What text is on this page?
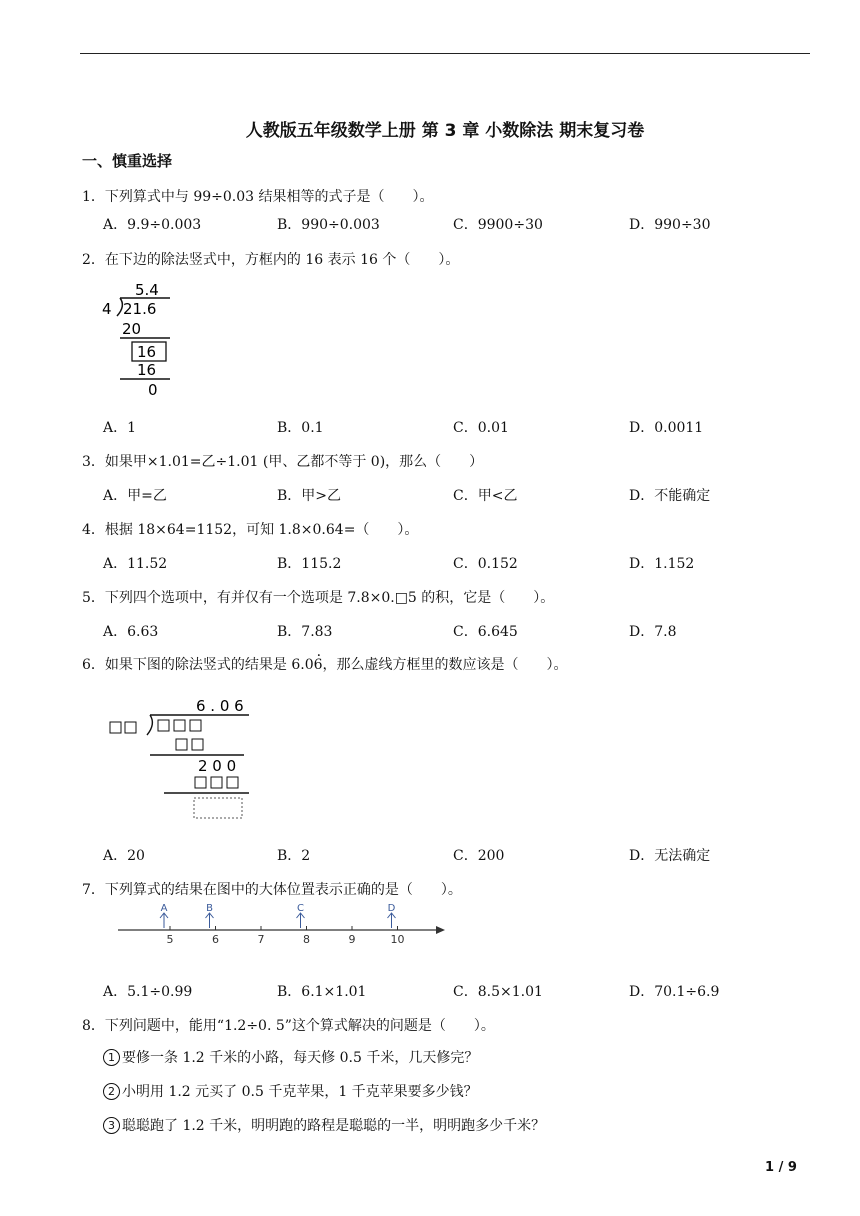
人教版五年级数学上册 第 3 章 小数除法 期末复习卷
一、慎重选择
1．下列算式中与 99÷0.03 结果相等的式子是（　　）。
A．9.9÷0.003	B．990÷0.003	C．9900÷30	D．990÷30
2．在下边的除法竖式中，方框内的 16 表示 16 个（　　）。
5.4
4 21.6
20
16
16
0
A．1	B．0.1	C．0.01	D．0.0011
3．如果甲×1.01=乙÷1.01 (甲、乙都不等于 0)，那么（　　）
A．甲=乙	B．甲>乙	C．甲<乙	D．不能确定
4．根据 18×64=1152，可知 1.8×0.64=（　　）。
A．11.52	B．115.2	C．0.152	D．1.152
5．下列四个选项中，有并仅有一个选项是 7.8×0.□5 的积，它是（　　）。
A．6.63	B．7.83	C．6.645	D．7.8
6．如果下图的除法竖式的结果是 6.06 ·，那么虚线方框里的数应该是（　　）。
6 . 0 6
2 0 0
A．20	B．2	C．200	D．无法确定
7．下列算式的结果在图中的大体位置表示正确的是（　　）。
5	6	7	8	9	10
A	B	C	D
A．5.1÷0.99	B．6.1×1.01	C．8.5×1.01	D．70.1÷6.9
8．下列问题中，能用“1.2÷0. 5”这个算式解决的问题是（　　）。
1 要修一条 1.2 千米的小路，每天修 0.5 千米，几天修完？
2 小明用 1.2 元买了 0.5 千克苹果，1 千克苹果要多少钱？
3 聪聪跑了 1.2 千米，明明跑的路程是聪聪的一半，明明跑多少千米？
1 / 9
